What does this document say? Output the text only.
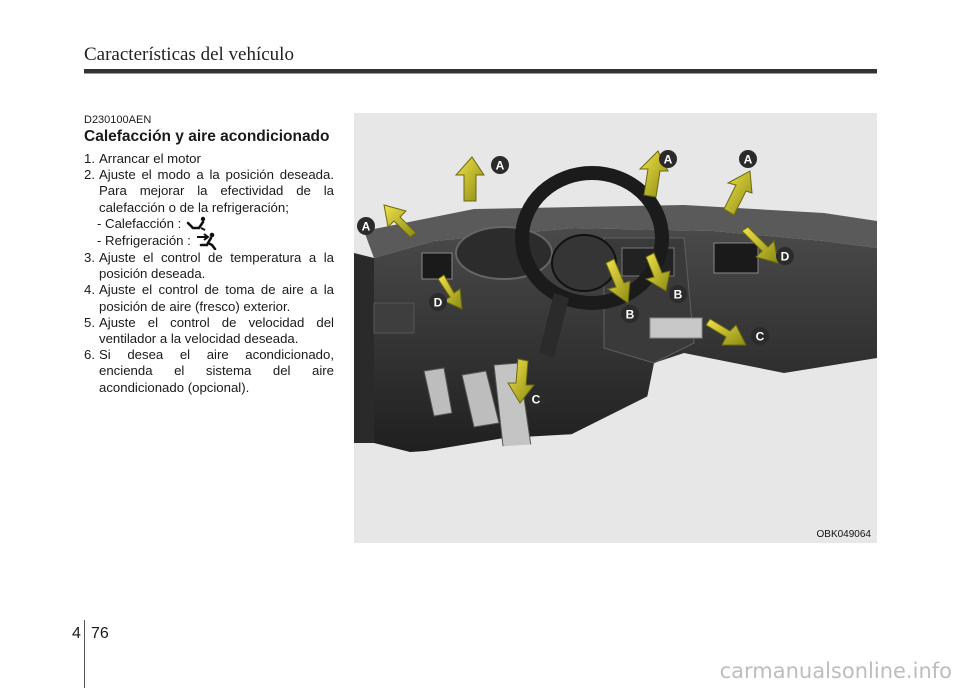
Características del vehículo
D230100AEN
Calefacción y aire acondicionado
1. Arrancar el motor
2. Ajuste el modo a la posición deseada. Para mejorar la efectividad de la calefacción o de la refrigeración;
- Calefacción :
- Refrigeración :
3. Ajuste el control de temperatura a la posición deseada.
4. Ajuste el control de toma de aire a la posición de aire (fresco) exterior.
5. Ajuste el control de velocidad del ventilador a la velocidad deseada.
6. Si desea el aire acondicionado, encienda el sistema del aire acondicionado (opcional).
A	A	A
A
B
B
C
C
D
D
OBK049064
4 76
carmanualsonline.info
